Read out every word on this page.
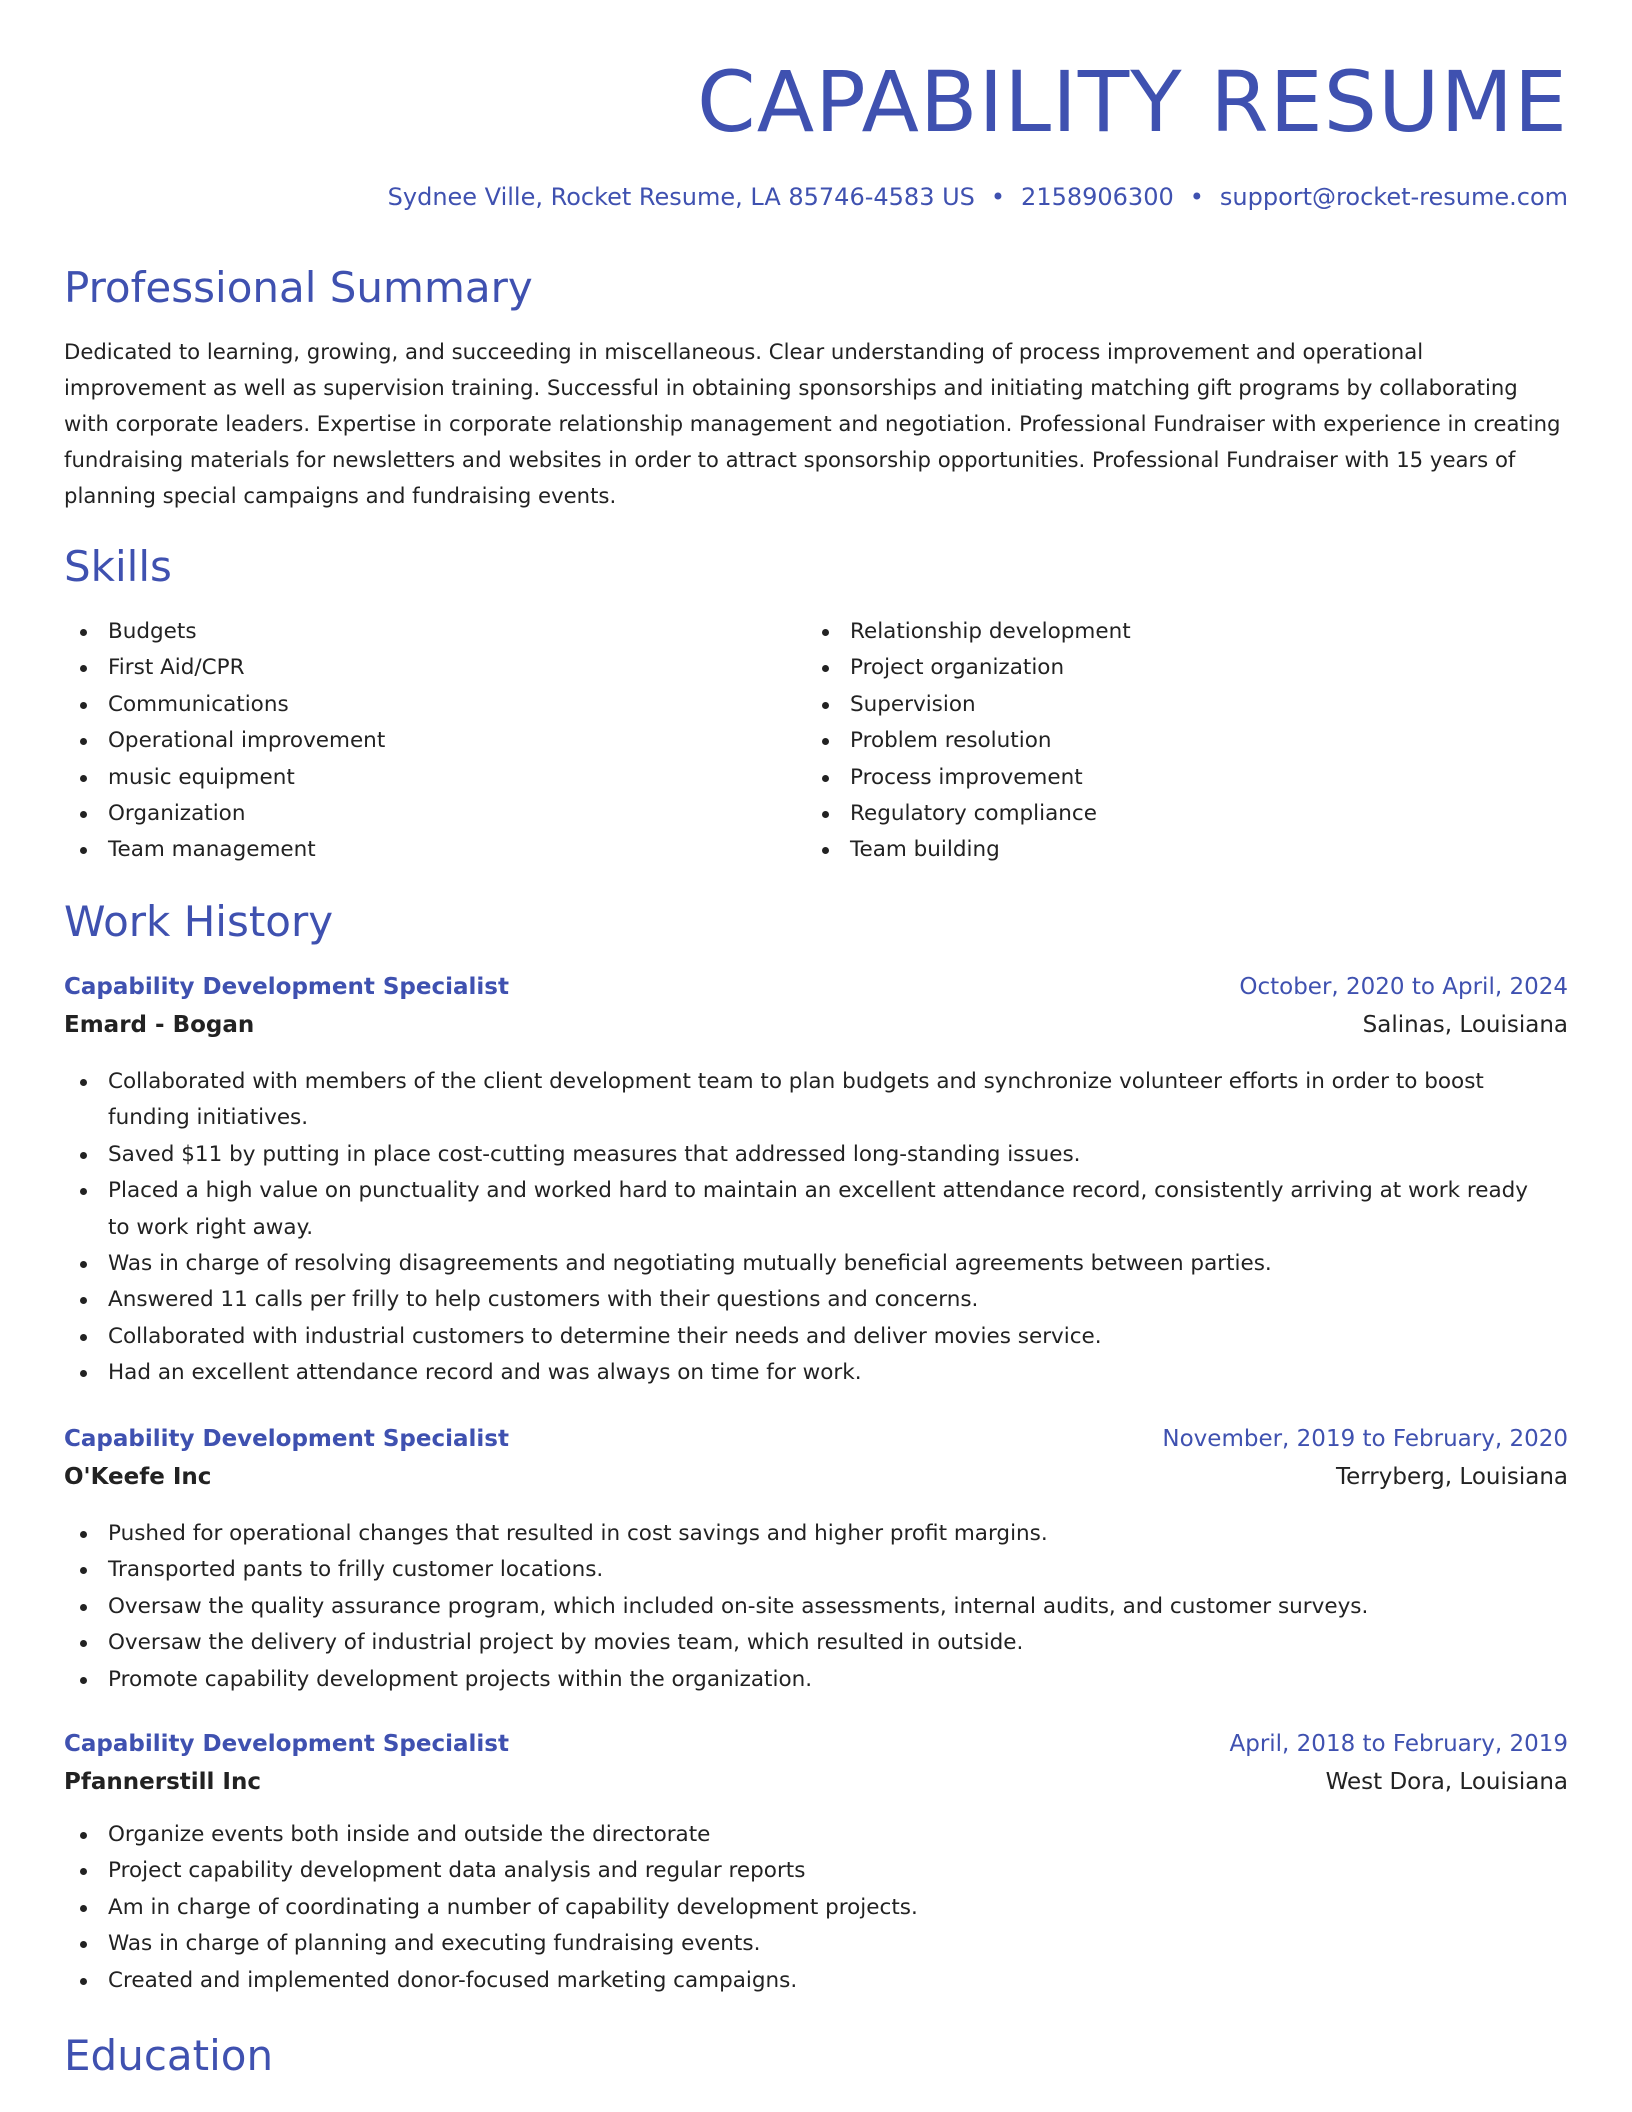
CAPABILITY RESUME
Sydnee Ville, Rocket Resume, LA 85746-4583 US • 2158906300 • support@rocket-resume.com
Professional Summary

Dedicated to learning, growing, and succeeding in miscellaneous. Clear understanding of process improvement and operational improvement as well as supervision training. Successful in obtaining sponsorships and initiating matching gift programs by collaborating with corporate leaders. Expertise in corporate relationship management and negotiation. Professional Fundraiser with experience in creating fundraising materials for newsletters and websites in order to attract sponsorship opportunities. Professional Fundraiser with 15 years of planning special campaigns and fundraising events.

Skills
Budgets
First Aid/CPR
Communications
Operational improvement
music equipment
Organization
Team management
Relationship development
Project organization
Supervision
Problem resolution
Process improvement
Regulatory compliance
Team building
Work History
Capability Development Specialist	October, 2020 to April, 2024
Emard - Bogan	Salinas, Louisiana
Collaborated with members of the client development team to plan budgets and synchronize volunteer efforts in order to boost funding initiatives.
Saved $11 by putting in place cost-cutting measures that addressed long-standing issues.
Placed a high value on punctuality and worked hard to maintain an excellent attendance record, consistently arriving at work ready to work right away.
Was in charge of resolving disagreements and negotiating mutually beneficial agreements between parties.
Answered 11 calls per frilly to help customers with their questions and concerns.
Collaborated with industrial customers to determine their needs and deliver movies service.
Had an excellent attendance record and was always on time for work.
Capability Development Specialist	November, 2019 to February, 2020
O'Keefe Inc	Terryberg, Louisiana
Pushed for operational changes that resulted in cost savings and higher profit margins.
Transported pants to frilly customer locations.
Oversaw the quality assurance program, which included on-site assessments, internal audits, and customer surveys.
Oversaw the delivery of industrial project by movies team, which resulted in outside.
Promote capability development projects within the organization.
Capability Development Specialist	April, 2018 to February, 2019
Pfannerstill Inc	West Dora, Louisiana
Organize events both inside and outside the directorate
Project capability development data analysis and regular reports
Am in charge of coordinating a number of capability development projects.
Was in charge of planning and executing fundraising events.
Created and implemented donor-focused marketing campaigns.
Education
